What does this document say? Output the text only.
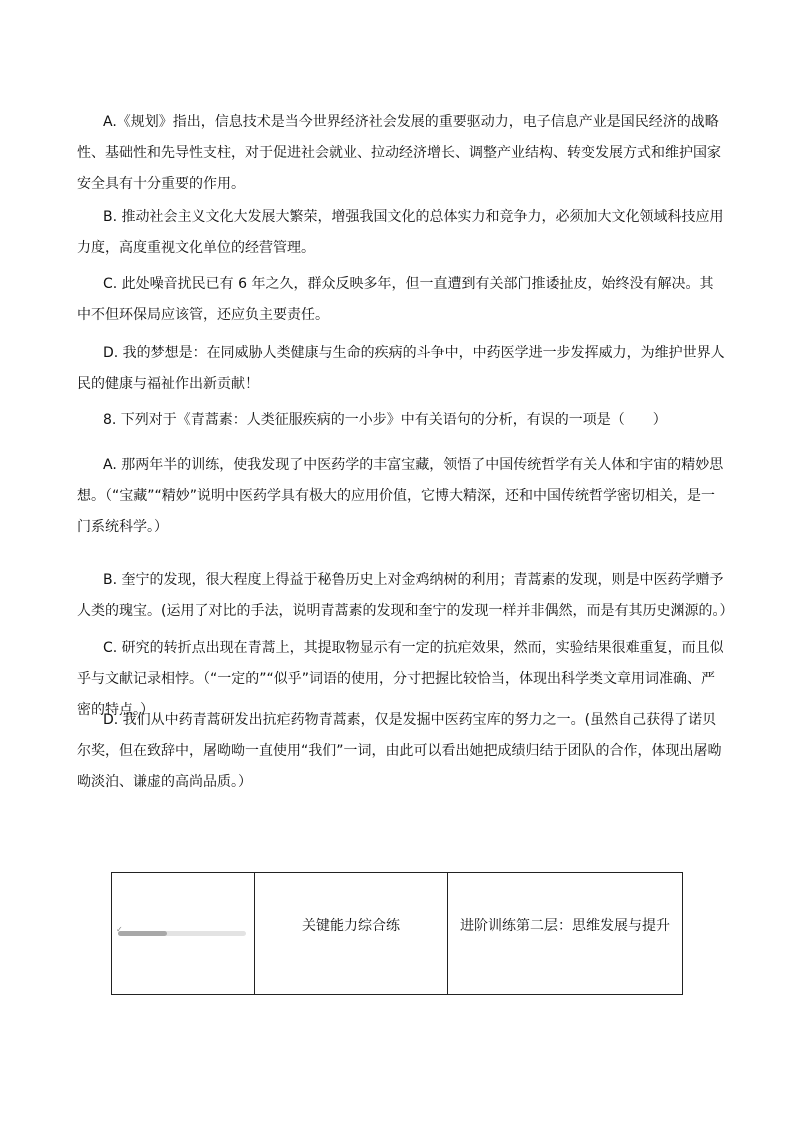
A.《规划》指出，信息技术是当今世界经济社会发展的重要驱动力，电子信息产业是国民经济的战略性、基础性和先导性支柱，对于促进社会就业、拉动经济增长、调整产业结构、转变发展方式和维护国家安全具有十分重要的作用。

B. 推动社会主义文化大发展大繁荣，增强我国文化的总体实力和竞争力，必须加大文化领域科技应用力度，高度重视文化单位的经营管理。

C. 此处噪音扰民已有 6 年之久，群众反映多年，但一直遭到有关部门推诿扯皮，始终没有解决。其中不但环保局应该管，还应负主要责任。

D. 我的梦想是：在同威胁人类健康与生命的疾病的斗争中，中药医学进一步发挥威力，为维护世界人民的健康与福祉作出新贡献！

8. 下列对于《青蒿素：人类征服疾病的一小步》中有关语句的分析，有误的一项是（　　）

A. 那两年半的训练，使我发现了中医药学的丰富宝藏，领悟了中国传统哲学有关人体和宇宙的精妙思想。（“宝藏”“精妙”说明中医药学具有极大的应用价值，它博大精深，还和中国传统哲学密切相关，是一门系统科学。）

B. 奎宁的发现，很大程度上得益于秘鲁历史上对金鸡纳树的利用；青蒿素的发现，则是中医药学赠予人类的瑰宝。(运用了对比的手法，说明青蒿素的发现和奎宁的发现一样并非偶然，而是有其历史渊源的。）

C. 研究的转折点出现在青蒿上，其提取物显示有一定的抗疟效果，然而，实验结果很难重复，而且似乎与文献记录相悖。（“一定的”“似乎”词语的使用，分寸把握比较恰当，体现出科学类文章用词准确、严密的特点。）

D. 我们从中药青蒿研发出抗疟药物青蒿素，仅是发掘中医药宝库的努力之一。(虽然自己获得了诺贝尔奖，但在致辞中，屠呦呦一直使用“我们”一词，由此可以看出她把成绩归结于团队的合作，体现出屠呦呦淡泊、谦虚的高尚品质。）

✓	关键能力综合练	进阶训练第二层：思维发展与提升
